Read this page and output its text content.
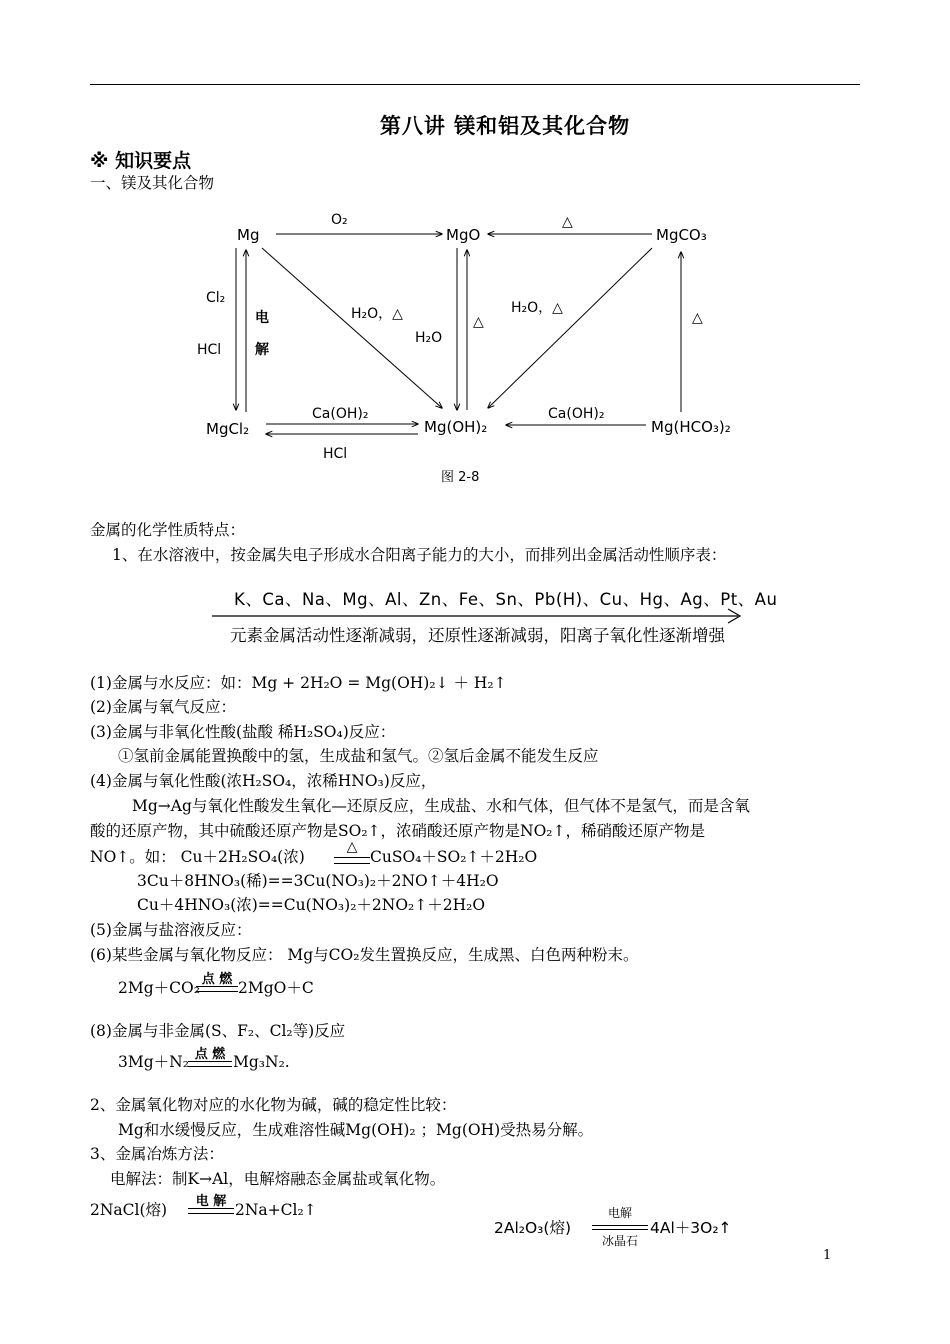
第八讲 镁和铝及其化合物
※ 知识要点
一、镁及其化合物
Mg	MgO	MgCO₃
MgCl₂	Mg(OH)₂	Mg(HCO₃)₂
O₂	△
Cl₂
HCl
电
解
H₂O，△
H₂O
△
H₂O，△
△
Ca(OH)₂
HCl
Ca(OH)₂
图 2-8
金属的化学性质特点：
1、在水溶液中，按金属失电子形成水合阳离子能力的大小，而排列出金属活动性顺序表：
K、Ca、Na、Mg、Al、Zn、Fe、Sn、Pb(H)、Cu、Hg、Ag、Pt、Au
元素金属活动性逐渐减弱，还原性逐渐减弱，阳离子氧化性逐渐增强
(1)金属与水反应：如：Mg + 2H₂O = Mg(OH)₂↓ ＋ H₂↑
(2)金属与氧气反应：
(3)金属与非氧化性酸(盐酸 稀H₂SO₄)反应：
①氢前金属能置换酸中的氢，生成盐和氢气。②氢后金属不能发生反应
(4)金属与氧化性酸(浓H₂SO₄，浓稀HNO₃)反应，
Mg→Ag与氧化性酸发生氧化—还原反应，生成盐、水和气体，但气体不是氢气，而是含氧
酸的还原产物，其中硫酸还原产物是SO₂↑，浓硝酸还原产物是NO₂↑，稀硝酸还原产物是
NO↑。如： Cu＋2H₂SO₄(浓)
△
CuSO₄＋SO₂↑＋2H₂O
3Cu＋8HNO₃(稀)==3Cu(NO₃)₂＋2NO↑＋4H₂O
Cu＋4HNO₃(浓)==Cu(NO₃)₂＋2NO₂↑＋2H₂O
(5)金属与盐溶液反应：
(6)某些金属与氧化物反应： Mg与CO₂发生置换反应，生成黑、白色两种粉末。
2Mg＋CO₂ 点 燃 2MgO＋C
(8)金属与非金属(S、F₂、Cl₂等)反应
3Mg＋N₂ 点 燃 Mg₃N₂.
2、金属氧化物对应的水化物为碱，碱的稳定性比较：
Mg和水缓慢反应，生成难溶性碱Mg(OH)₂ ；Mg(OH)受热易分解。
3、金属冶炼方法：
电解法：制K→Al，电解熔融态金属盐或氧化物。
2NaCl(熔)	电 解 2Na+Cl₂↑
2Al₂O₃(熔)
电解
冰晶石
4Al＋3O₂↑
1
